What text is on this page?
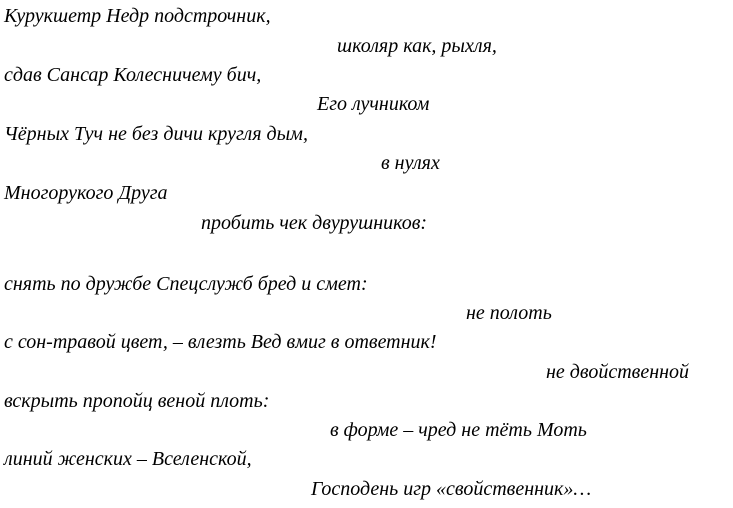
Курукшетр Недр подстрочник,
школяр как, рыхля,
сдав Сансар Колесничему бич,
Его лучником
Чёрных Туч не без дичи кругля дым,
в нулях
Многорукого Друга
пробить чек двурушников:
снять по дружбе Спецслужб бред и смет:
не полоть
с сон-травой цвет, – влезть Вед вмиг в ответник!
не двойственной
вскрыть пропойц веной плоть:
в форме – чред не тёть Моть
линий женских – Вселенской,
Господень игр «свойственник»…
